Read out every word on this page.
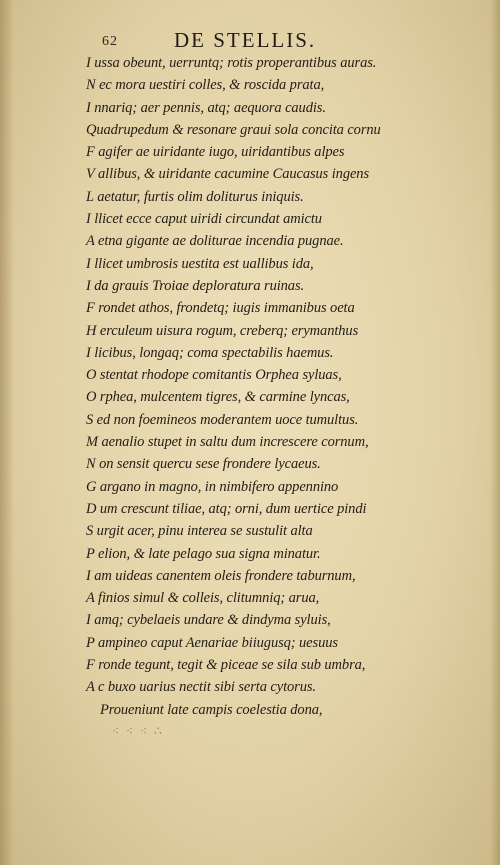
62	DE STELLIS.
I ussa obeunt, uerruntq; rotis properantibus auras.
N ec mora uestiri colles, & roscida prata,
I nnariq; aer pennis, atq; aequora caudis.
Quadrupedum & resonare graui sola concita cornu
F agifer ae uiridante iugo, uiridantibus alpes
V allibus, & uiridante cacumine Caucasus ingens
L aetatur, furtis olim doliturus iniquis.
I llicet ecce caput uiridi circundat amictu
A etna gigante ae doliturae incendia pugnae.
I llicet umbrosis uestita est uallibus ida,
I da grauis Troiae deploratura ruinas.
F rondet athos, frondetq; iugis immanibus oeta
H erculeum uisura rogum, creberq; erymanthus
I licibus, longaq; coma spectabilis haemus.
O stentat rhodope comitantis Orphea syluas,
O rphea, mulcentem tigres, & carmine lyncas,
S ed non foemineos moderantem uoce tumultus.
M aenalio stupet in saltu dum increscere cornum,
N on sensit quercu sese frondere lycaeus.
G argano in magno, in nimbifero appennino
D um crescunt tiliae, atq; orni, dum uertice pindi
S urgit acer, pinu interea se sustulit alta
P elion, & late pelago sua signa minatur.
I am uideas canentem oleis frondere taburnum,
A finios simul & colleis, clitumniq; arua,
I amq; cybelaeis undare & dindyma syluis,
P ampineo caput Aenariae biiugusq; uesuus
F ronde tegunt, tegit & piceae se sila sub umbra,
A c buxo uarius nectit sibi serta cytorus.
Proueniunt late campis coelestia dona,
⁖ ⁖ ⁖ ∴
